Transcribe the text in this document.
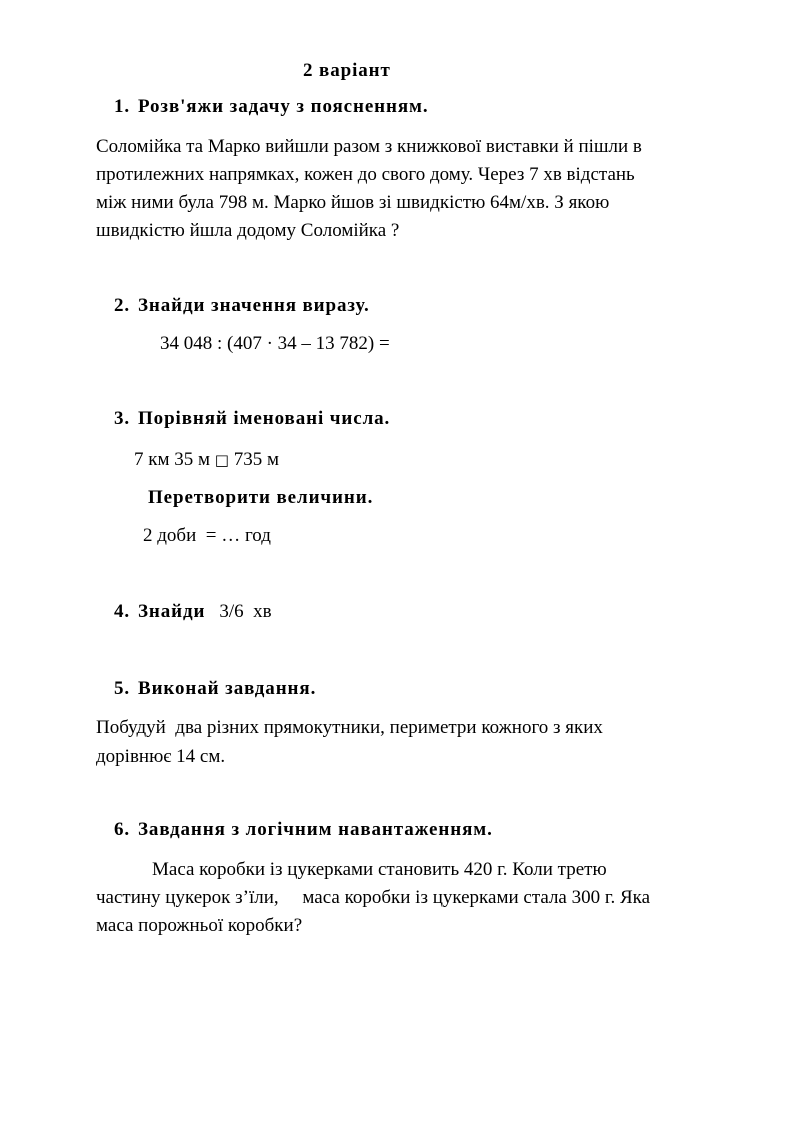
2 варіант
1. Розв'яжи задачу з поясненням.
Соломійка та Марко вийшли разом з книжкової виставки й пішли в
протилежних напрямках, кожен до свого дому. Через 7 хв відстань
між ними була 798 м. Марко йшов зі швидкістю 64м/хв. З якою
швидкістю йшла додому Соломійка ?
2. Знайди значення виразу.
34 048 : (407 · 34 – 13 782) =
3. Порівняй іменовані числа.
7 км 35 м □ 735 м
Перетворити величини.
2 доби  = … год
4. Знайди 3/6  хв
5. Виконай завдання.
Побудуй  два різних прямокутники, периметри кожного з яких
дорівнює 14 см.
6. Завдання з логічним навантаженням.
Маса коробки із цукерками становить 420 г. Коли третю
частину цукерок з’їли,     маса коробки із цукерками стала 300 г. Яка
маса порожньої коробки?
